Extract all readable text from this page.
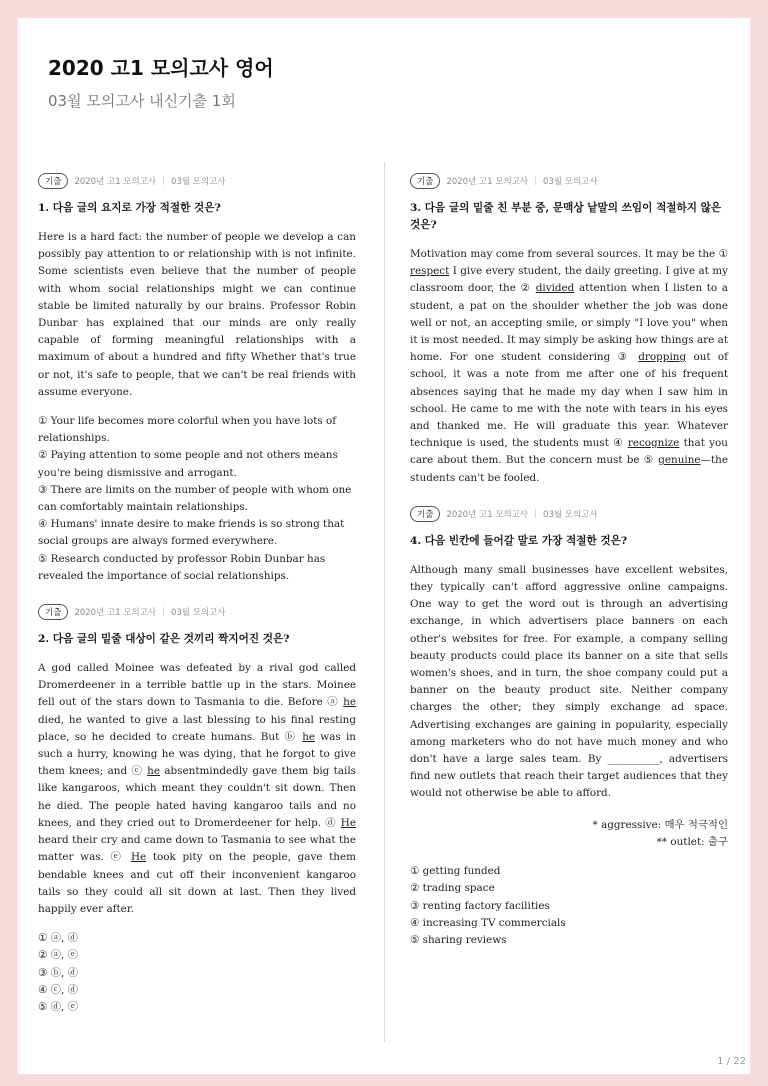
2020 고1 모의고사 영어
03월 모의고사 내신기출 1회
기출	2020년 고1 모의고사 | 03월 모의고사
1. 다음 글의 요지로 가장 적절한 것은?
Here is a hard fact: the number of people we develop a can possibly pay attention to or relationship with is not infinite. Some scientists even believe that the number of people with whom social relationships might we can continue stable be limited naturally by our brains. Professor Robin Dunbar has explained that our minds are only really capable of forming meaningful relationships with a maximum of about a hundred and fifty Whether that's true or not, it's safe to people, that we can't be real friends with assume everyone.
① Your life becomes more colorful when you have lots of relationships.
② Paying attention to some people and not others means you're being dismissive and arrogant.
③ There are limits on the number of people with whom one can comfortably maintain relationships.
④ Humans' innate desire to make friends is so strong that social groups are always formed everywhere.
⑤ Research conducted by professor Robin Dunbar has revealed the importance of social relationships.
기출	2020년 고1 모의고사 | 03월 모의고사
2. 다음 글의 밑줄 대상이 같은 것끼리 짝지어진 것은?
A god called Moinee was defeated by a rival god called Dromerdeener in a terrible battle up in the stars. Moinee fell out of the stars down to Tasmania to die. Before ⓐ he died, he wanted to give a last blessing to his final resting place, so he decided to create humans. But ⓑ he was in such a hurry, knowing he was dying, that he forgot to give them knees; and ⓒ he absentmindedly gave them big tails like kangaroos, which meant they couldn't sit down. Then he died. The people hated having kangaroo tails and no knees, and they cried out to Dromerdeener for help. ⓓ He heard their cry and came down to Tasmania to see what the matter was. ⓔ He took pity on the people, gave them bendable knees and cut off their inconvenient kangaroo tails so they could all sit down at last. Then they lived happily ever after.
① ⓐ, ⓓ
② ⓐ, ⓔ
③ ⓑ, ⓓ
④ ⓒ, ⓓ
⑤ ⓓ, ⓔ
기출	2020년 고1 모의고사 | 03월 모의고사
3. 다음 글의 밑줄 친 부분 중, 문맥상 낱말의 쓰임이 적절하지 않은 것은?
Motivation may come from several sources. It may be the ① respect I give every student, the daily greeting. I give at my classroom door, the ② divided attention when I listen to a student, a pat on the shoulder whether the job was done well or not, an accepting smile, or simply "I love you" when it is most needed. It may simply be asking how things are at home. For one student considering ③ dropping out of school, it was a note from me after one of his frequent absences saying that he made my day when I saw him in school. He came to me with the note with tears in his eyes and thanked me. He will graduate this year. Whatever technique is used, the students must ④ recognize that you care about them. But the concern must be ⑤ genuine—the students can't be fooled.
기출	2020년 고1 모의고사 | 03월 모의고사
4. 다음 빈칸에 들어갈 말로 가장 적절한 것은?
Although many small businesses have excellent websites, they typically can't afford aggressive online campaigns. One way to get the word out is through an advertising exchange, in which advertisers place banners on each other's websites for free. For example, a company selling beauty products could place its banner on a site that sells women's shoes, and in turn, the shoe company could put a banner on the beauty product site. Neither company charges the other; they simply exchange ad space. Advertising exchanges are gaining in popularity, especially among marketers who do not have much money and who don't have a large sales team. By __________, advertisers find new outlets that reach their target audiences that they would not otherwise be able to afford.
* aggressive: 매우 적극적인
** outlet: 출구
① getting funded
② trading space
③ renting factory facilities
④ increasing TV commercials
⑤ sharing reviews
1 / 22
